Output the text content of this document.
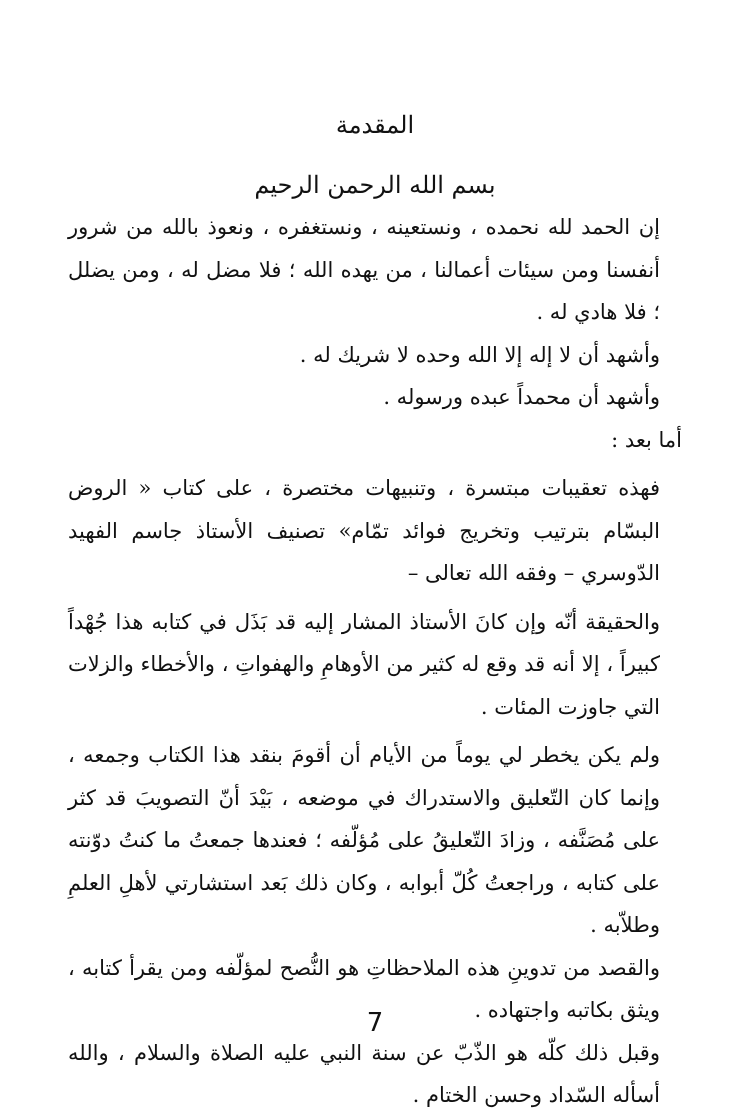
المقدمة
بسم الله الرحمن الرحيم

إن الحمد لله نحمده ، ونستعينه ، ونستغفره ، ونعوذ بالله من شرور أنفسنا ومن سيئات أعمالنا ، من يهده الله ؛ فلا مضل له ، ومن يضلل ؛ فلا هادي له .

وأشهد أن لا إله إلا الله وحده لا شريك له .

وأشهد أن محمداً عبده ورسوله .

أما بعد :

فهذه تعقيبات مبتسرة ، وتنبيهات مختصرة ، على كتاب « الروض البسّام بترتيب وتخريج فوائد تمّام» تصنيف الأستاذ جاسم الفهيد الدّوسري – وفقه الله تعالى –

والحقيقة أنّه وإن كانَ الأستاذ المشار إليه قد بَذَل في كتابه هذا جُهْداً كبيراً ، إلا أنه قد وقع له كثير من الأوهامِ والهفواتِ ، والأخطاء والزلات التي جاوزت المئات .

ولم يكن يخطر لي يوماً من الأيام أن أقومَ بنقد هذا الكتاب وجمعه ، وإنما كان التّعليق والاستدراك في موضعه ، بَيْدَ أنّ التصويبَ قد كثر على مُصَنَّفه ، وزادَ التّعليقُ على مُؤلّفه ؛ فعندها جمعتُ ما كنتُ دوّنته على كتابه ، وراجعتُ كُلّ أبوابه ، وكان ذلك بَعد استشارتي لأهلِ العلمِ وطلاّبه .

والقصد من تدوينِ هذه الملاحظاتِ هو النُّصح لمؤلّفه ومن يقرأ كتابه ، ويثق بكاتبه واجتهاده .

وقبل ذلك كلّه هو الذّبّ عن سنة النبي عليه الصلاة والسلام ، والله أسأله السّداد وحسن الختام .

7
